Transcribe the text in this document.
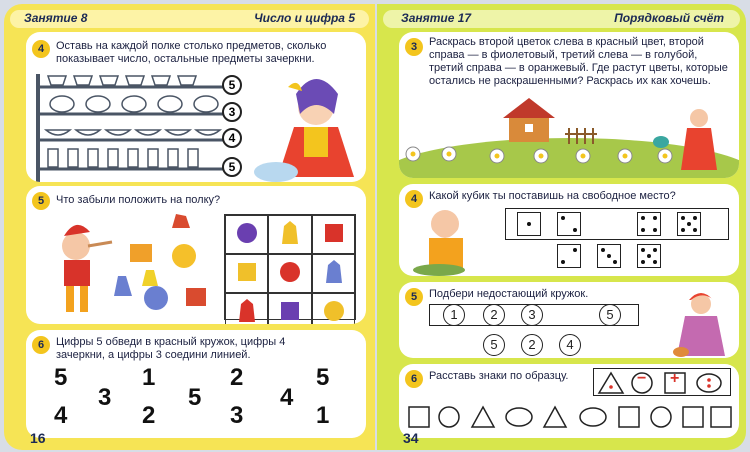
Занятие 8	Число и цифра 5
4	Оставь на каждой полке столько предметов, сколько показывает число, остальные предметы зачеркни.
5
3
4
5
5	Что забыли положить на полку?
6	Цифры 5 обведи в красный кружок, цифры 4 зачеркни, а цифры 3 соедини линией.
5
3
1
5
2
4
5
4	2	3	1
16
Занятие 17	Порядковый счёт
3	Раскрась второй цветок слева в красный цвет, второй справа — в фиолетовый, третий слева — в голубой, третий справа — в оранжевый. Где растут цветы, которые остались не раскрашенными? Раскрась их как хочешь.
4	Какой кубик ты поставишь на свободное место?
5	Подбери недостающий кружок.
1	2	3	5
5	2	4
6	Расставь знаки по образцу.	− +
34
